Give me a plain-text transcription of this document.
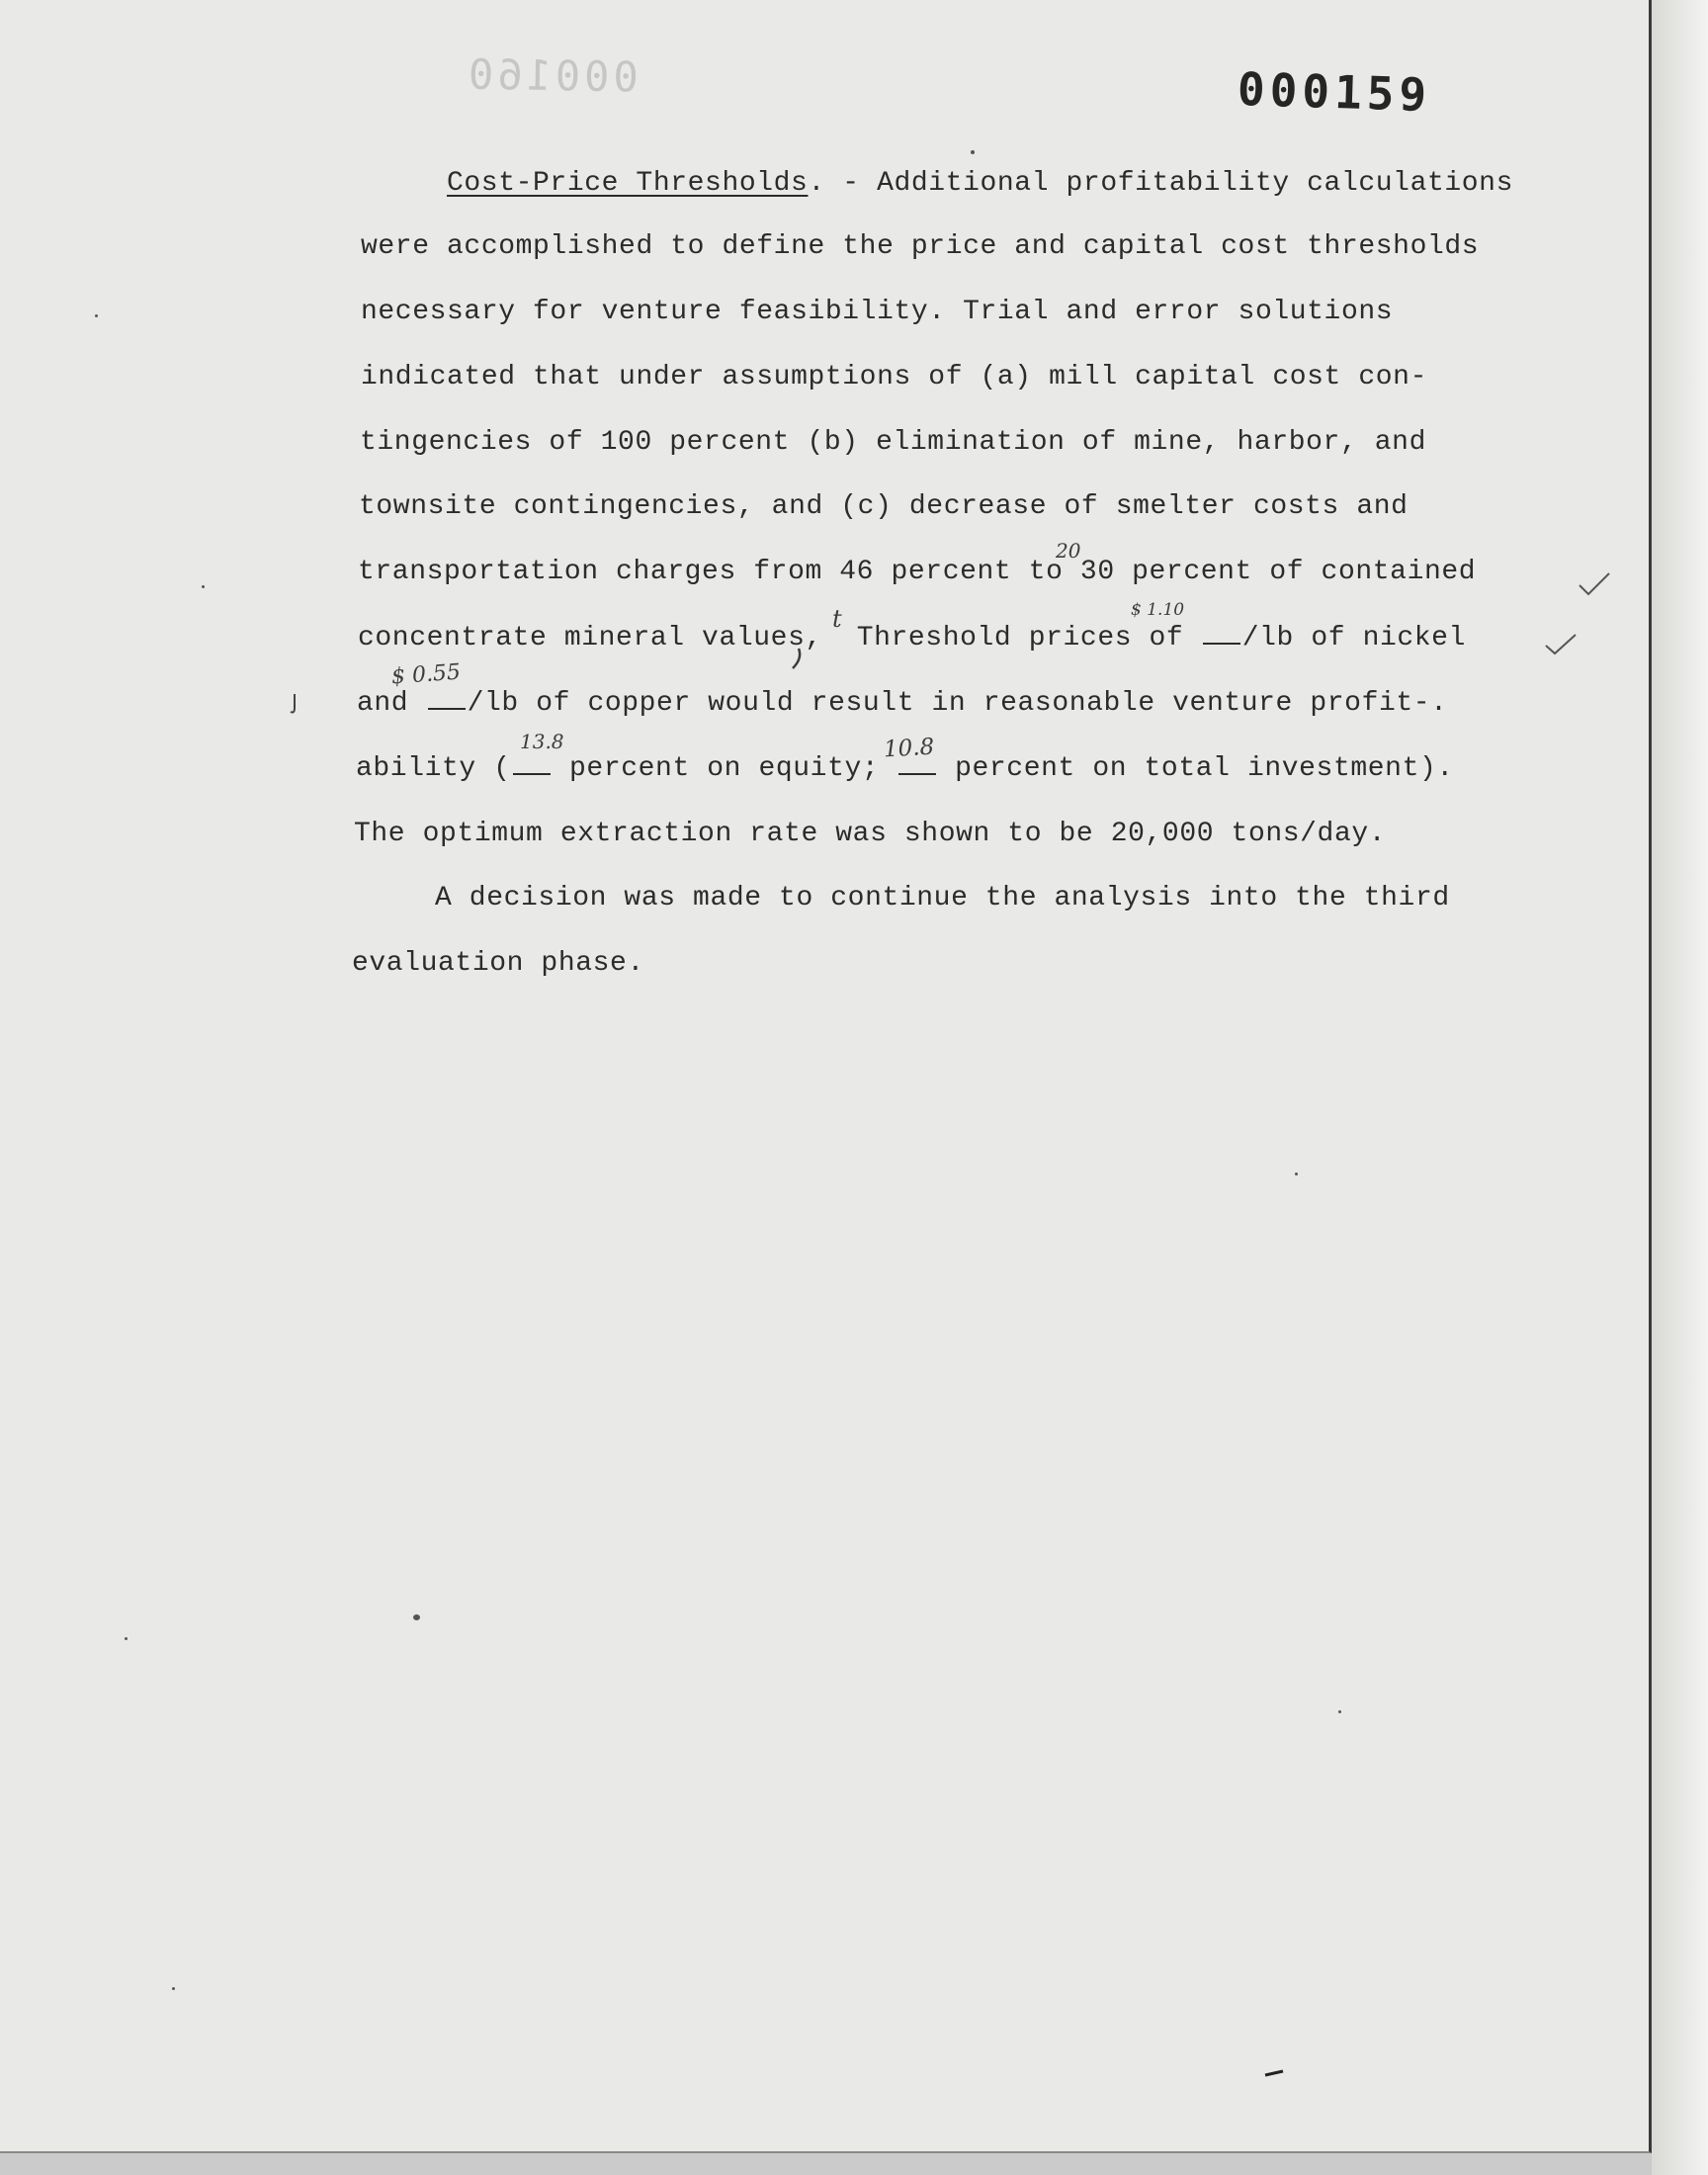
000160	000159
Cost-Price Thresholds. - Additional profitability calculations
were accomplished to define the price and capital cost thresholds
necessary for venture feasibility. Trial and error solutions
indicated that under assumptions of (a) mill capital cost con-
tingencies of 100 percent (b) elimination of mine, harbor, and
townsite contingencies, and (c) decrease of smelter costs and
transportation charges from 46 percent to 30 percent of contained
concentrate mineral values, Threshold prices of /lb of nickel
and /lb of copper would result in reasonable venture profit-.
ability ( percent on equity;	percent on total investment).
The optimum extraction rate was shown to be 20,000 tons/day.
A decision was made to continue the analysis into the third
evaluation phase.
20
t	$ 1.10
$ 0.55
13.8	10.8
